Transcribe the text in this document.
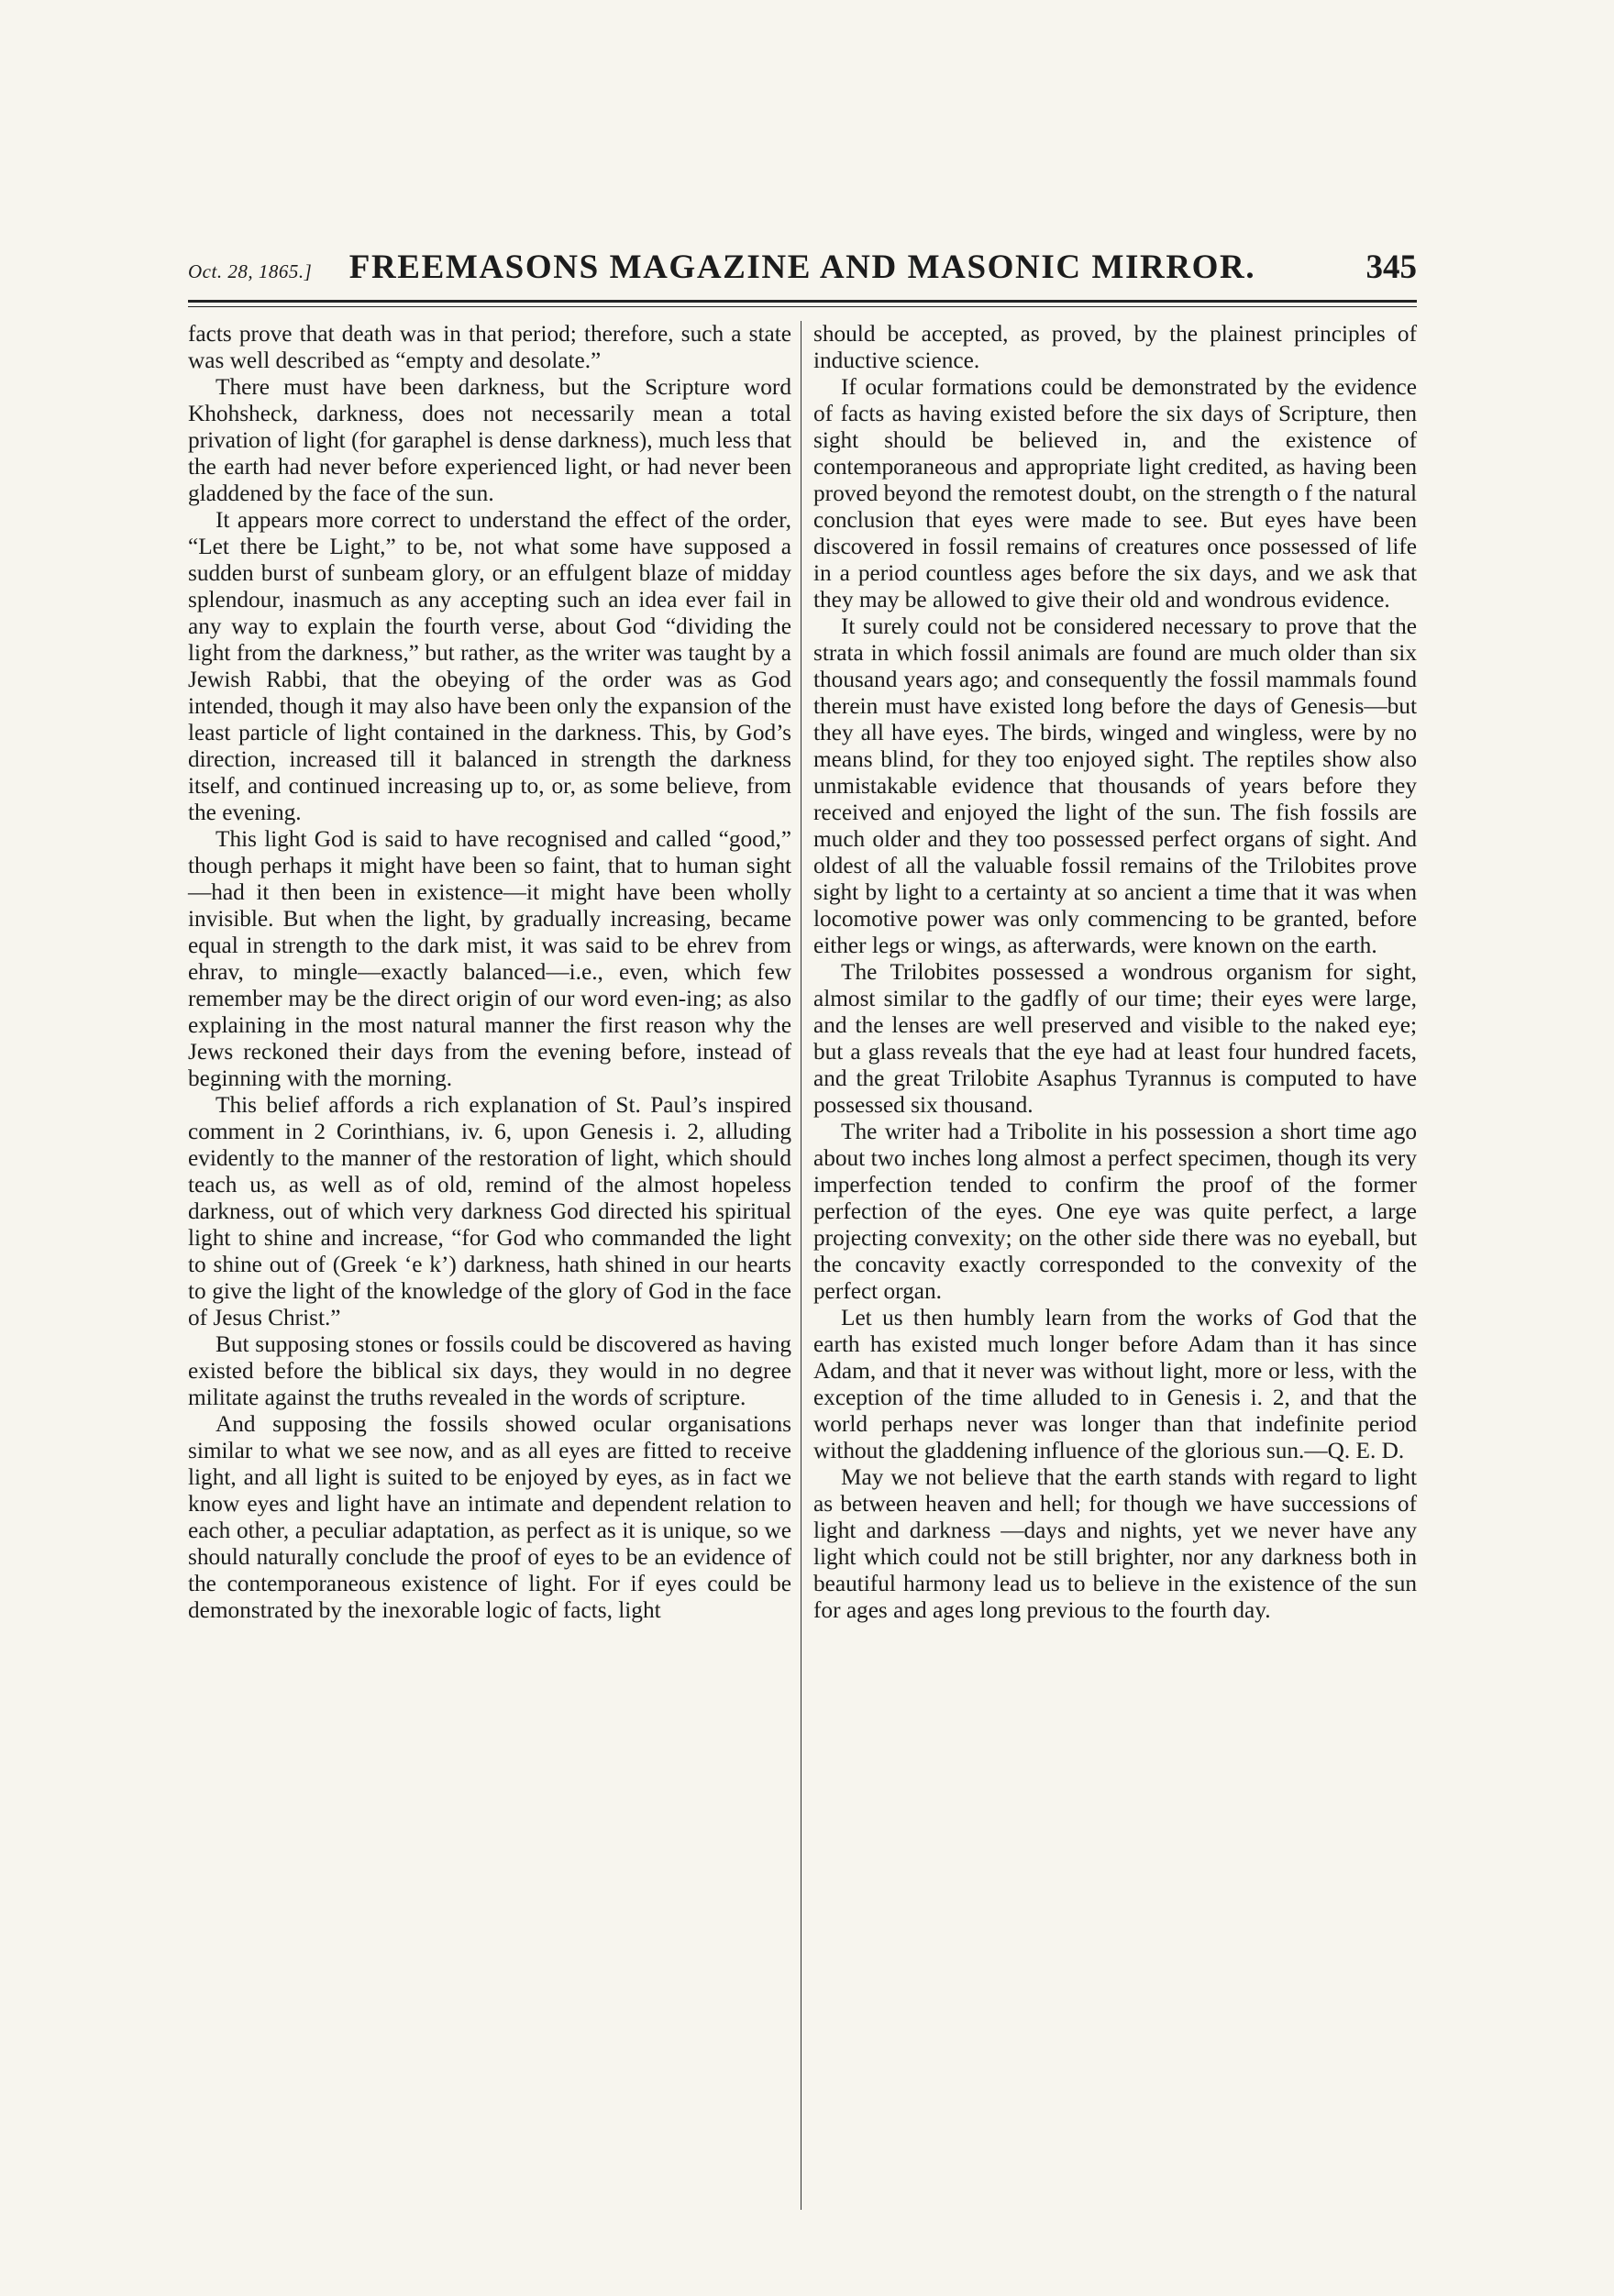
Oct. 28, 1865.]	FREEMASONS MAGAZINE AND MASONIC MIRROR.	345

facts prove that death was in that period; therefore, such a state was well described as “empty and desolate.”

There must have been darkness, but the Scripture word Khohsheck, darkness, does not necessarily mean a total privation of light (for garaphel is dense darkness), much less that the earth had never before experienced light, or had never been gladdened by the face of the sun.

It appears more correct to understand the effect of the order, “Let there be Light,” to be, not what some have supposed a sudden burst of sunbeam glory, or an effulgent blaze of midday splendour, inasmuch as any accepting such an idea ever fail in any way to explain the fourth verse, about God “dividing the light from the darkness,” but rather, as the writer was taught by a Jewish Rabbi, that the obeying of the order was as God intended, though it may also have been only the expansion of the least particle of light contained in the darkness. This, by God’s direction, increased till it balanced in strength the darkness itself, and continued increasing up to, or, as some believe, from the evening.

This light God is said to have recognised and called “good,” though perhaps it might have been so faint, that to human sight—had it then been in existence—it might have been wholly invisible. But when the light, by gradually increasing, became equal in strength to the dark mist, it was said to be ehrev from ehrav, to mingle—exactly balanced—i.e., even, which few remember may be the direct origin of our word even-ing; as also explaining in the most natural manner the first reason why the Jews reckoned their days from the evening before, instead of beginning with the morning.

This belief affords a rich explanation of St. Paul’s inspired comment in 2 Corinthians, iv. 6, upon Genesis i. 2, alluding evidently to the manner of the restoration of light, which should teach us, as well as of old, remind of the almost hopeless darkness, out of which very darkness God directed his spiritual light to shine and increase, “for God who commanded the light to shine out of (Greek ‘e k’) darkness, hath shined in our hearts to give the light of the knowledge of the glory of God in the face of Jesus Christ.”

But supposing stones or fossils could be discovered as having existed before the biblical six days, they would in no degree militate against the truths revealed in the words of scripture.

And supposing the fossils showed ocular organisations similar to what we see now, and as all eyes are fitted to receive light, and all light is suited to be enjoyed by eyes, as in fact we know eyes and light have an intimate and dependent relation to each other, a peculiar adaptation, as perfect as it is unique, so we should naturally conclude the proof of eyes to be an evidence of the contemporaneous existence of light. For if eyes could be demonstrated by the inexorable logic of facts, light

should be accepted, as proved, by the plainest principles of inductive science.

If ocular formations could be demonstrated by the evidence of facts as having existed before the six days of Scripture, then sight should be believed in, and the existence of contemporaneous and appropriate light credited, as having been proved beyond the remotest doubt, on the strength o f the natural conclusion that eyes were made to see. But eyes have been discovered in fossil remains of creatures once possessed of life in a period countless ages before the six days, and we ask that they may be allowed to give their old and wondrous evidence.

It surely could not be considered necessary to prove that the strata in which fossil animals are found are much older than six thousand years ago; and consequently the fossil mammals found therein must have existed long before the days of Genesis—but they all have eyes. The birds, winged and wingless, were by no means blind, for they too enjoyed sight. The reptiles show also unmistakable evidence that thousands of years before they received and enjoyed the light of the sun. The fish fossils are much older and they too possessed perfect organs of sight. And oldest of all the valuable fossil remains of the Trilobites prove sight by light to a certainty at so ancient a time that it was when locomotive power was only commencing to be granted, before either legs or wings, as afterwards, were known on the earth.

The Trilobites possessed a wondrous organism for sight, almost similar to the gadfly of our time; their eyes were large, and the lenses are well preserved and visible to the naked eye; but a glass reveals that the eye had at least four hundred facets, and the great Trilobite Asaphus Tyrannus is computed to have possessed six thousand.

The writer had a Tribolite in his possession a short time ago about two inches long almost a perfect specimen, though its very imperfection tended to confirm the proof of the former perfection of the eyes. One eye was quite perfect, a large projecting convexity; on the other side there was no eyeball, but the concavity exactly corresponded to the convexity of the perfect organ.

Let us then humbly learn from the works of God that the earth has existed much longer before Adam than it has since Adam, and that it never was without light, more or less, with the exception of the time alluded to in Genesis i. 2, and that the world perhaps never was longer than that indefinite period without the gladdening influence of the glorious sun.—Q. E. D.

May we not believe that the earth stands with regard to light as between heaven and hell; for though we have successions of light and darkness —days and nights, yet we never have any light which could not be still brighter, nor any darkness both in beautiful harmony lead us to believe in the existence of the sun for ages and ages long previous to the fourth day.
